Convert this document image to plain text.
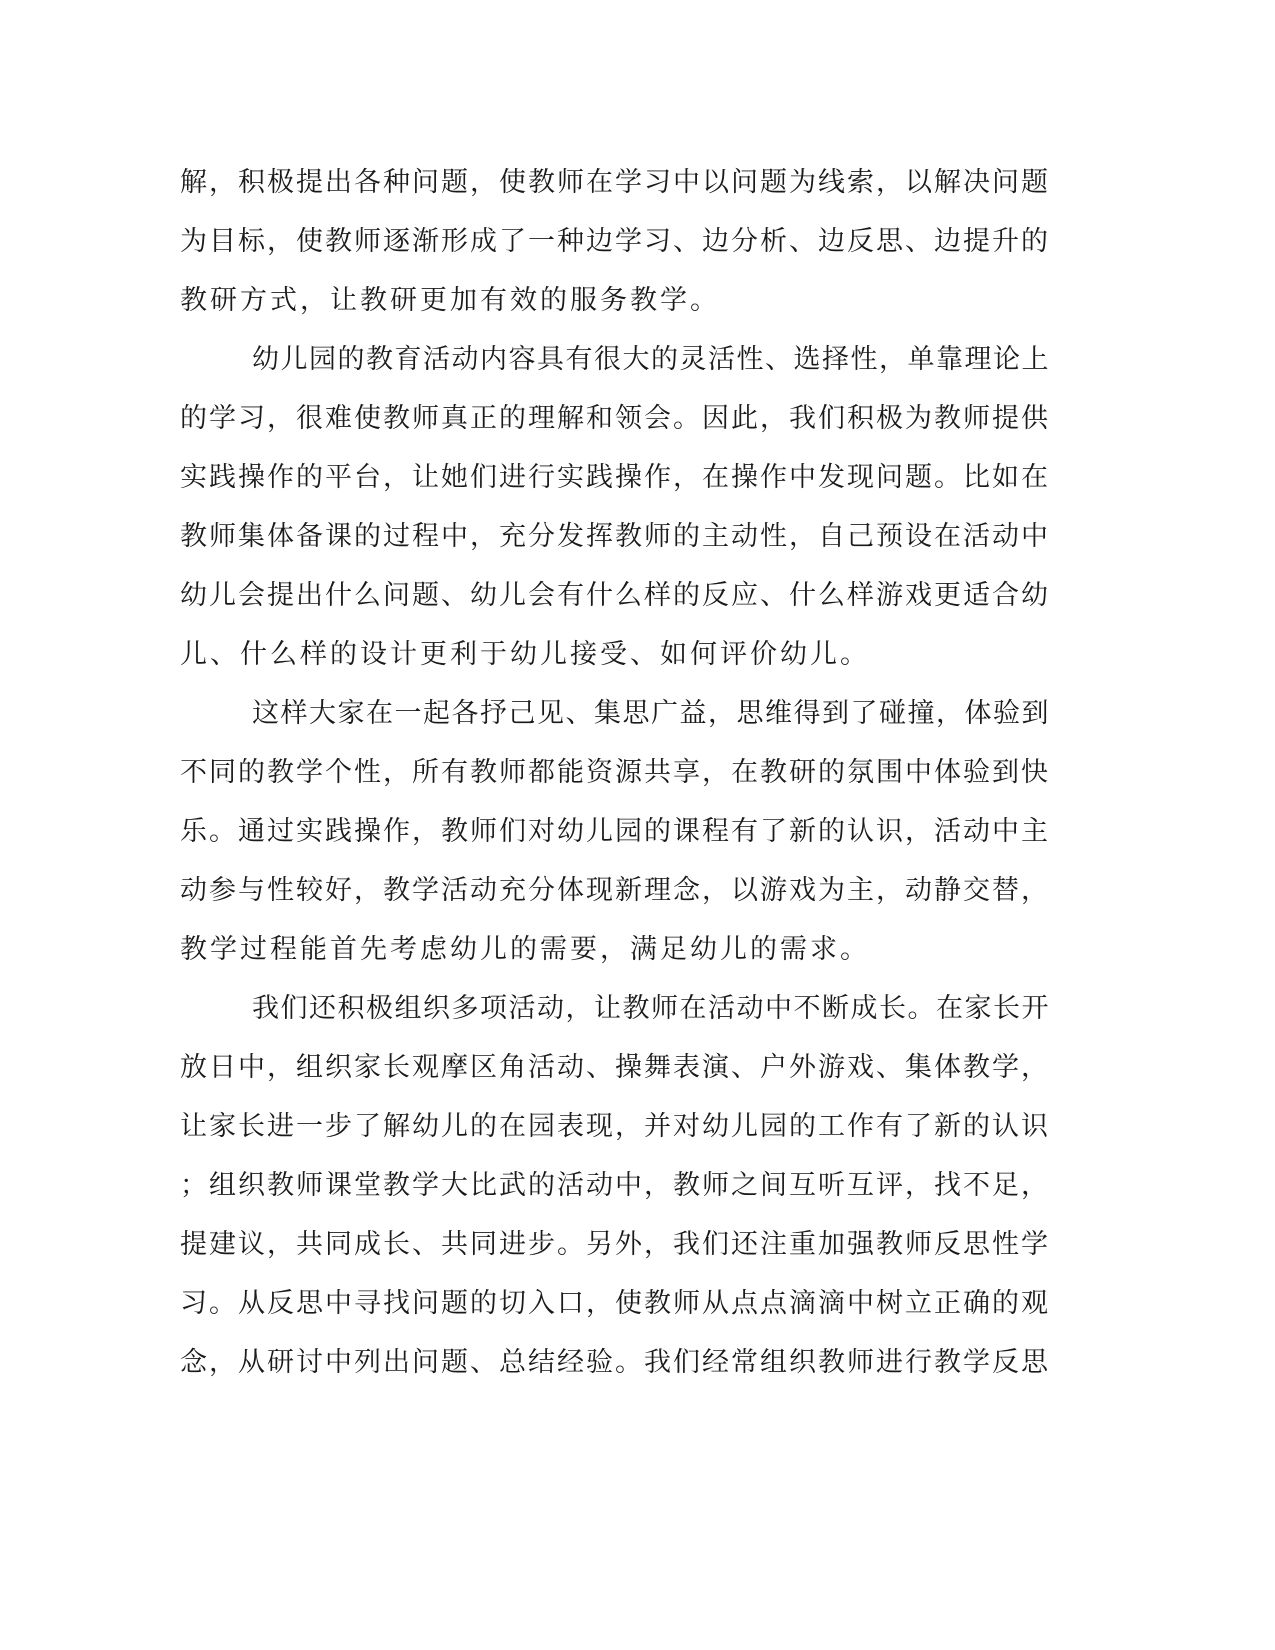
解，积极提出各种问题，使教师在学习中以问题为线索，以解决问题
为目标，使教师逐渐形成了一种边学习、边分析、边反思、边提升的
教研方式，让教研更加有效的服务教学。
幼儿园的教育活动内容具有很大的灵活性、选择性，单靠理论上
的学习，很难使教师真正的理解和领会。因此，我们积极为教师提供
实践操作的平台，让她们进行实践操作，在操作中发现问题。比如在
教师集体备课的过程中，充分发挥教师的主动性，自己预设在活动中
幼儿会提出什么问题、幼儿会有什么样的反应、什么样游戏更适合幼
儿、什么样的设计更利于幼儿接受、如何评价幼儿。
这样大家在一起各抒己见、集思广益，思维得到了碰撞，体验到
不同的教学个性，所有教师都能资源共享，在教研的氛围中体验到快
乐。通过实践操作，教师们对幼儿园的课程有了新的认识，活动中主
动参与性较好，教学活动充分体现新理念，以游戏为主，动静交替，
教学过程能首先考虑幼儿的需要，满足幼儿的需求。
我们还积极组织多项活动，让教师在活动中不断成长。在家长开
放日中，组织家长观摩区角活动、操舞表演、户外游戏、集体教学，
让家长进一步了解幼儿的在园表现，并对幼儿园的工作有了新的认识
；组织教师课堂教学大比武的活动中，教师之间互听互评，找不足，
提建议，共同成长、共同进步。另外，我们还注重加强教师反思性学
习。从反思中寻找问题的切入口，使教师从点点滴滴中树立正确的观
念，从研讨中列出问题、总结经验。我们经常组织教师进行教学反思
